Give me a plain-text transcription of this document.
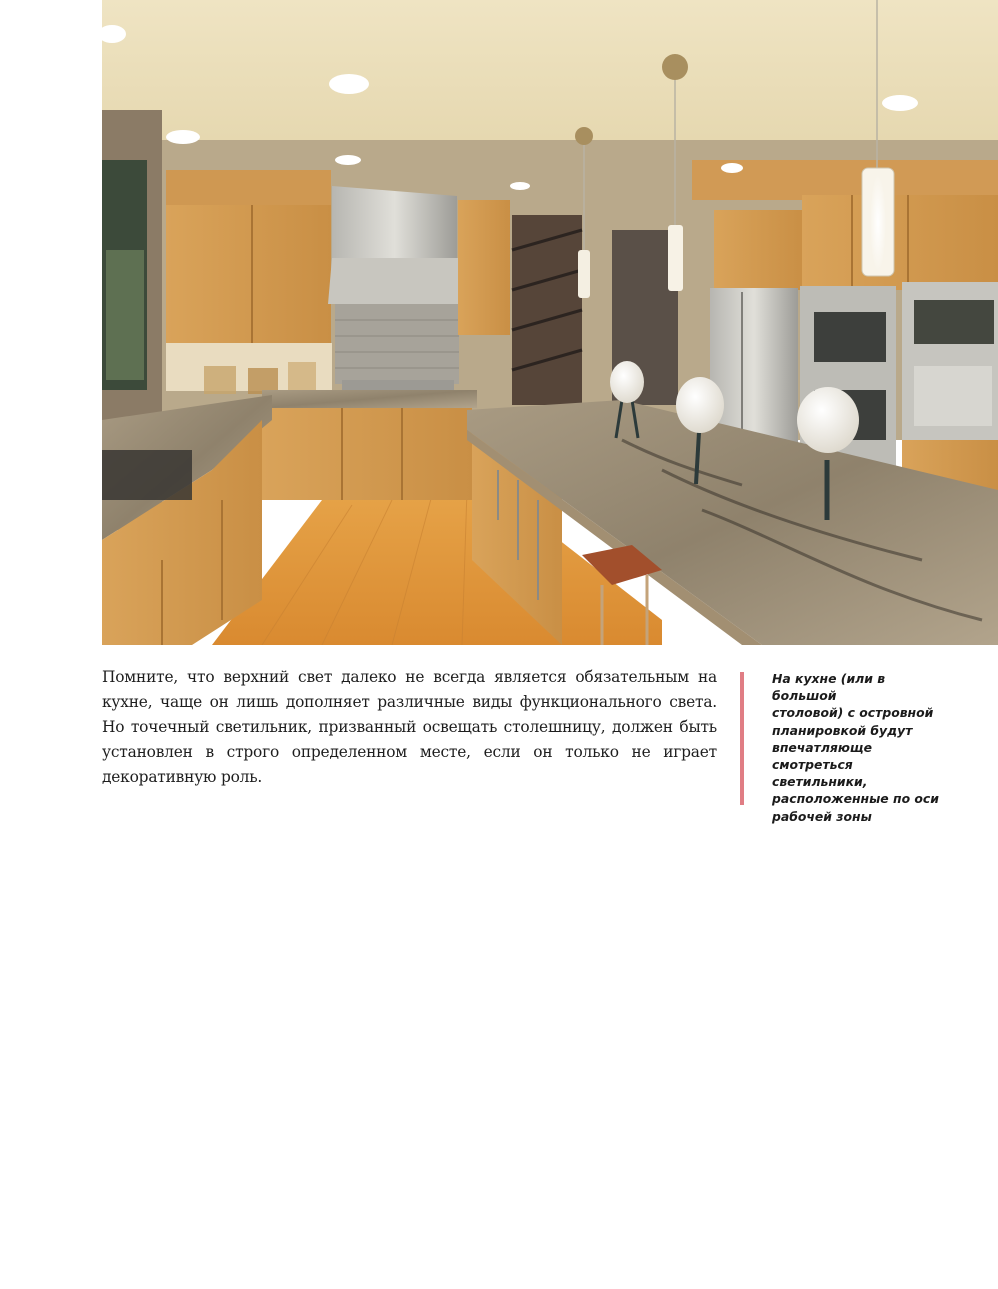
Помните, что верхний свет далеко не всегда является обязательным на кухне, чаще он лишь дополняет различные виды функционального света. Но точечный светильник, призванный освещать столешницу, должен быть установлен в строго определенном месте, если он только не играет декоративную роль.

На кухне (или в большой
столовой) с островной
планировкой будут
впечатляюще
смотреться
светильники,
расположенные по оси
рабочей зоны
